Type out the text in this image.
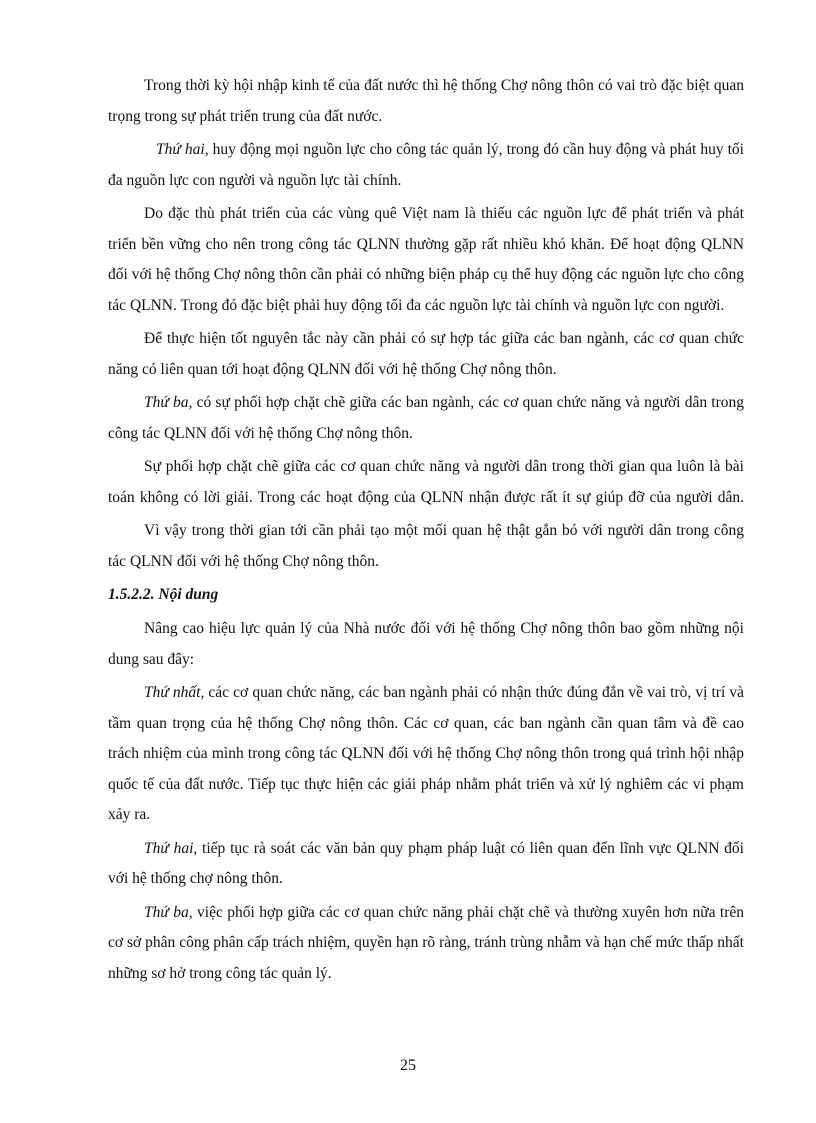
Trong thời kỳ hội nhập kinh tế của đất nước thì hệ thống Chợ nông thôn có vai trò đặc biệt quan trọng trong sự phát triển trung của đất nước.

Thứ hai, huy động mọi nguồn lực cho công tác quản lý, trong đó cần huy động và phát huy tối đa nguồn lực con người và nguồn lực tài chính.

Do đặc thù phát triển của các vùng quê Việt nam là thiếu các nguồn lực để phát triển và phát triển bền vững cho nên trong công tác QLNN thường gặp rất nhiều khó khăn. Để hoạt động QLNN đối với hệ thống Chợ nông thôn cần phải có những biện pháp cụ thể huy động các nguồn lực cho công tác QLNN. Trong đó đặc biệt phải huy động tối đa các nguồn lực tài chính và nguồn lực con người.

Để thực hiện tốt nguyên tắc này cần phải có sự hợp tác giữa các ban ngành, các cơ quan chức năng có liên quan tới hoạt động QLNN đối với hệ thống Chợ nông thôn.

Thứ ba, có sự phối hợp chặt chẽ giữa các ban ngành, các cơ quan chức năng và người dân trong công tác QLNN đối với hệ thống Chợ nông thôn.

Sự phối hợp chặt chẽ giữa các cơ quan chức năng và người dân trong thời gian qua luôn là bài toán không có lời giải. Trong các hoạt động của QLNN nhận được rất ít sự giúp đỡ của người dân.

Vì vậy trong thời gian tới cần phải tạo một mối quan hệ thật gắn bó với người dân trong công tác QLNN đối với hệ thống Chợ nông thôn.

1.5.2.2. Nội dung

Nâng cao hiệu lực quản lý của Nhà nước đối với hệ thống Chợ nông thôn bao gồm những nội dung sau đây:

Thứ nhất, các cơ quan chức năng, các ban ngành phải có nhận thức đúng đắn về vai trò, vị trí và tầm quan trọng của hệ thống Chợ nông thôn. Các cơ quan, các ban ngành cần quan tâm và đề cao trách nhiệm của mình trong công tác QLNN đối với hệ thống Chợ nông thôn trong quá trình hội nhập quốc tế của đất nước. Tiếp tục thực hiện các giải pháp nhằm phát triển và xử lý nghiêm các vi phạm xảy ra.

Thứ hai, tiếp tục rà soát các văn bản quy phạm pháp luật có liên quan đến lĩnh vực QLNN đối với hệ thống chợ nông thôn.

Thứ ba, việc phối hợp giữa các cơ quan chức năng phải chặt chẽ và thường xuyên hơn nữa trên cơ sở phân công phân cấp trách nhiệm, quyền hạn rõ ràng, tránh trùng nhẫm và hạn chế mức thấp nhất những sơ hở trong công tác quản lý.

25
